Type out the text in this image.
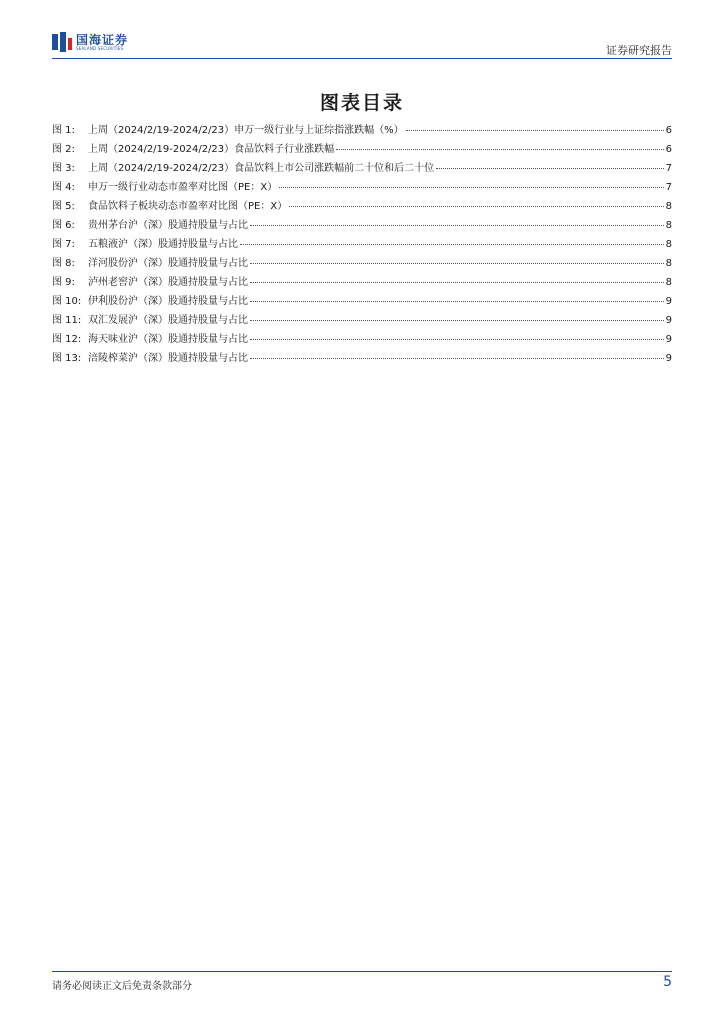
国海证券
SEALAND SECURITIES	证券研究报告
图表目录
图 1:	上周（2024/2/19-2024/2/23）申万一级行业与上证综指涨跌幅（%）	6
图 2:	上周（2024/2/19-2024/2/23）食品饮料子行业涨跌幅	6
图 3:	上周（2024/2/19-2024/2/23）食品饮料上市公司涨跌幅前二十位和后二十位	7
图 4:	申万一级行业动态市盈率对比图（PE：X）	7
图 5:	食品饮料子板块动态市盈率对比图（PE：X）	8
图 6:	贵州茅台沪（深）股通持股量与占比	8
图 7:	五粮液沪（深）股通持股量与占比	8
图 8:	洋河股份沪（深）股通持股量与占比	8
图 9:	泸州老窖沪（深）股通持股量与占比	8
图 10: 伊利股份沪（深）股通持股量与占比	9
图 11: 双汇发展沪（深）股通持股量与占比	9
图 12: 海天味业沪（深）股通持股量与占比	9
图 13: 涪陵榨菜沪（深）股通持股量与占比	9
请务必阅读正文后免责条款部分	5
